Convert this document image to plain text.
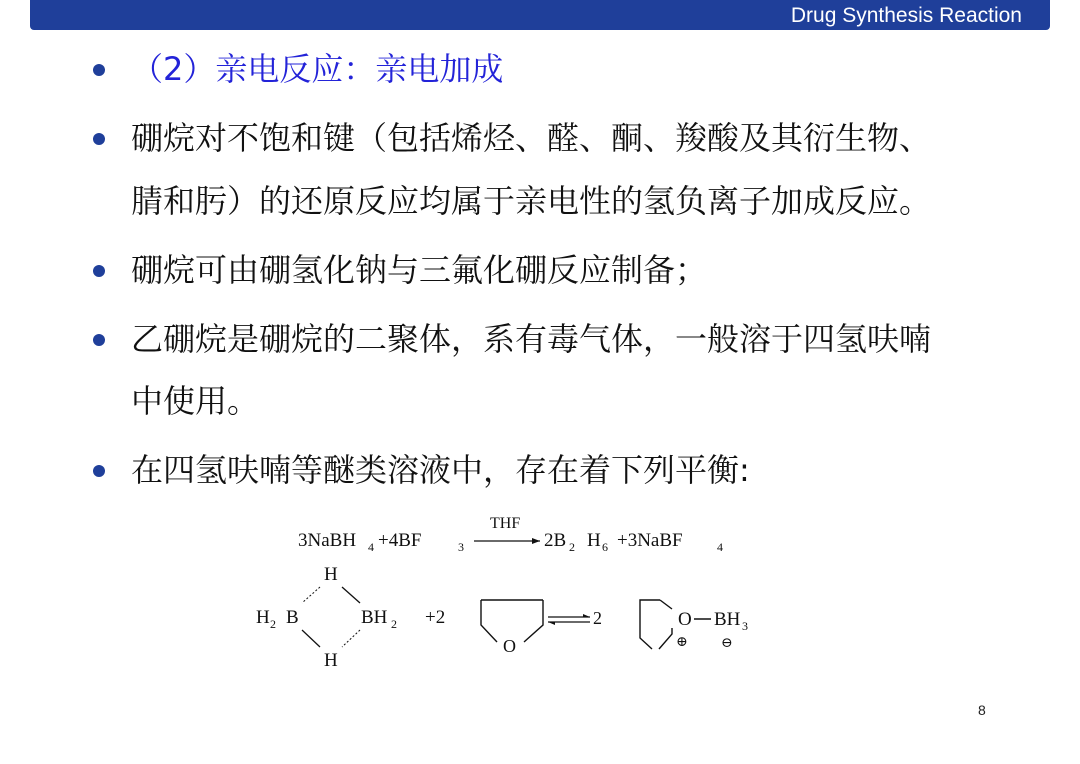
Drug Synthesis Reaction
（2）亲电反应：亲电加成
硼烷对不饱和键（包括烯烃、醛、酮、羧酸及其衍生物、
腈和肟）的还原反应均属于亲电性的氢负离子加成反应。
硼烷可由硼氢化钠与三氟化硼反应制备；
乙硼烷是硼烷的二聚体，系有毒气体，一般溶于四氢呋喃
中使用。
在四氢呋喃等醚类溶液中，存在着下列平衡:
3NaBH 4 +4BF	3
THF
2B 2 H 6 +3NaBF	4
H
H
H 2 B	BH 2 +2
O
2	O BH 3
⊕ ⊖
8
